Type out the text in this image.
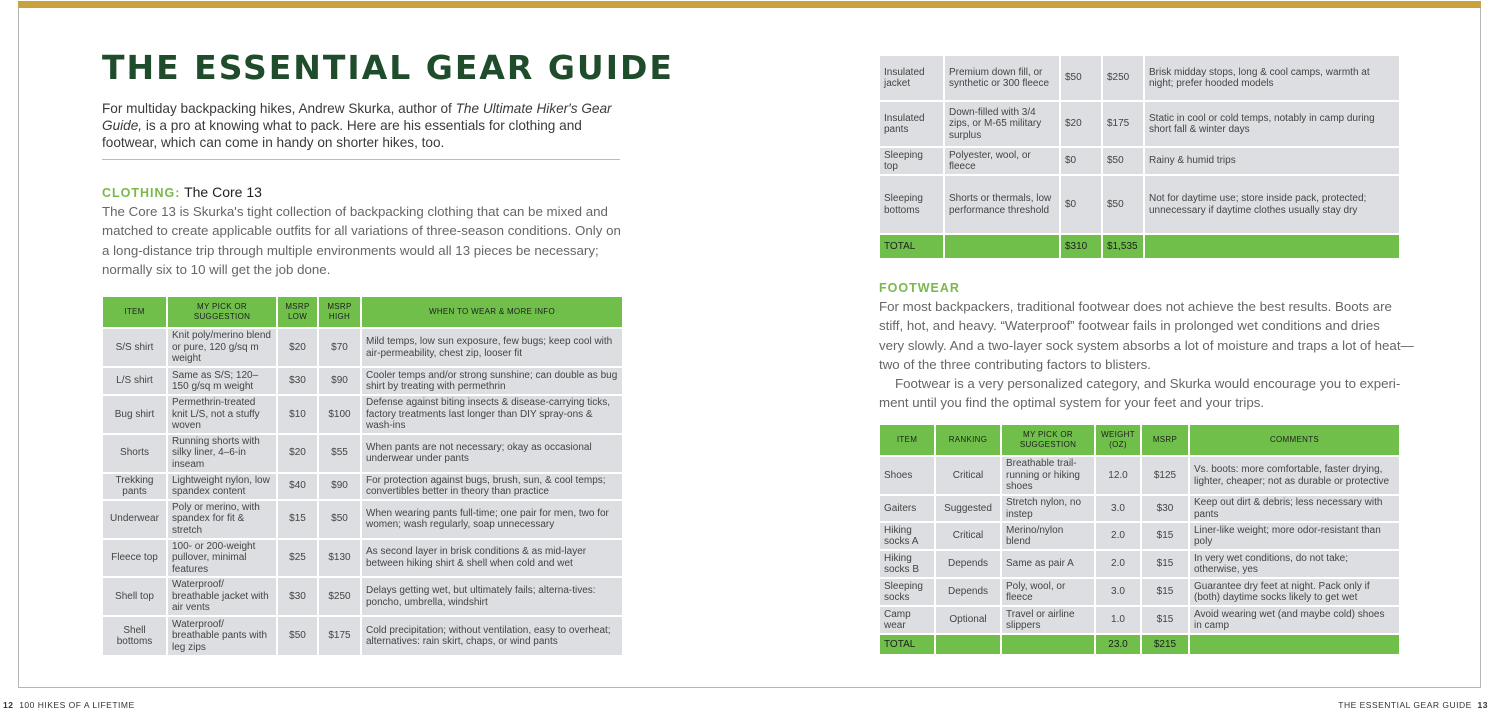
THE ESSENTIAL GEAR GUIDE
For multiday backpacking hikes, Andrew Skurka, author of The Ultimate Hiker's Gear
Guide, is a pro at knowing what to pack. Here are his essentials for clothing and
footwear, which can come in handy on shorter hikes, too.
CLOTHING: The Core 13
The Core 13 is Skurka's tight collection of backpacking clothing that can be mixed and
matched to create applicable outfits for all variations of three-season conditions. Only on
a long-distance trip through multiple environments would all 13 pieces be necessary;
normally six to 10 will get the job done.
ITEM	MY PICK OR SUGGESTION	MSRP LOW	MSRP HIGH	WHEN TO WEAR & MORE INFO
S/S shirt	Knit poly/merino blend or pure, 120 g/sq m weight	$20	$70	Mild temps, low sun exposure, few bugs; keep cool with air-permeability, chest zip, looser fit
L/S shirt	Same as S/S; 120–150 g/sq m weight	$30	$90	Cooler temps and/or strong sunshine; can double as bug shirt by treating with permethrin
Bug shirt	Permethrin-treated knit L/S, not a stuffy woven	$10	$100	Defense against biting insects & disease-carrying ticks, factory treatments last longer than DIY spray-ons & wash-ins
Shorts	Running shorts with silky liner, 4–6-in inseam	$20	$55	When pants are not necessary; okay as occasional underwear under pants
Trekking pants	Lightweight nylon, low spandex content	$40	$90	For protection against bugs, brush, sun, & cool temps; convertibles better in theory than practice
Underwear	Poly or merino, with spandex for fit & stretch	$15	$50	When wearing pants full-time; one pair for men, two for women; wash regularly, soap unnecessary
Fleece top	100- or 200-weight pullover, minimal features	$25	$130	As second layer in brisk conditions & as mid-layer between hiking shirt & shell when cold and wet
Shell top	Waterproof/ breathable jacket with air vents	$30	$250	Delays getting wet, but ultimately fails; alterna-tives: poncho, umbrella, windshirt
Shell bottoms	Waterproof/ breathable pants with leg zips	$50	$175	Cold precipitation; without ventilation, easy to overheat; alternatives: rain skirt, chaps, or wind pants
Insulated jacket	Premium down fill, or synthetic or 300 fleece	$50	$250	Brisk midday stops, long & cool camps, warmth at night; prefer hooded models
Insulated pants	Down-filled with 3/4 zips, or M-65 military surplus	$20	$175	Static in cool or cold temps, notably in camp during short fall & winter days
Sleeping top	Polyester, wool, or fleece	$0	$50	Rainy & humid trips
Sleeping bottoms	Shorts or thermals, low performance threshold	$0	$50	Not for daytime use; store inside pack, protected; unnecessary if daytime clothes usually stay dry
TOTAL		$310	$1,535	
FOOTWEAR
For most backpackers, traditional footwear does not achieve the best results. Boots are
stiff, hot, and heavy. “Waterproof” footwear fails in prolonged wet conditions and dries
very slowly. And a two-layer sock system absorbs a lot of moisture and traps a lot of heat—
two of the three contributing factors to blisters.
Footwear is a very personalized category, and Skurka would encourage you to experi-
ment until you find the optimal system for your feet and your trips.
ITEM	RANKING	MY PICK OR SUGGESTION	WEIGHT (OZ)	MSRP	COMMENTS
Shoes	Critical	Breathable trail-running or hiking shoes	12.0	$125	Vs. boots: more comfortable, faster drying, lighter, cheaper; not as durable or protective
Gaiters	Suggested	Stretch nylon, no instep	3.0	$30	Keep out dirt & debris; less necessary with pants
Hiking socks A	Critical	Merino/nylon blend	2.0	$15	Liner-like weight; more odor-resistant than poly
Hiking socks B	Depends	Same as pair A	2.0	$15	In very wet conditions, do not take; otherwise, yes
Sleeping socks	Depends	Poly, wool, or fleece	3.0	$15	Guarantee dry feet at night. Pack only if (both) daytime socks likely to get wet
Camp wear	Optional	Travel or airline slippers	1.0	$15	Avoid wearing wet (and maybe cold) shoes in camp
TOTAL			23.0	$215	
12 100 HIKES OF A LIFETIME	THE ESSENTIAL GEAR GUIDE 13
